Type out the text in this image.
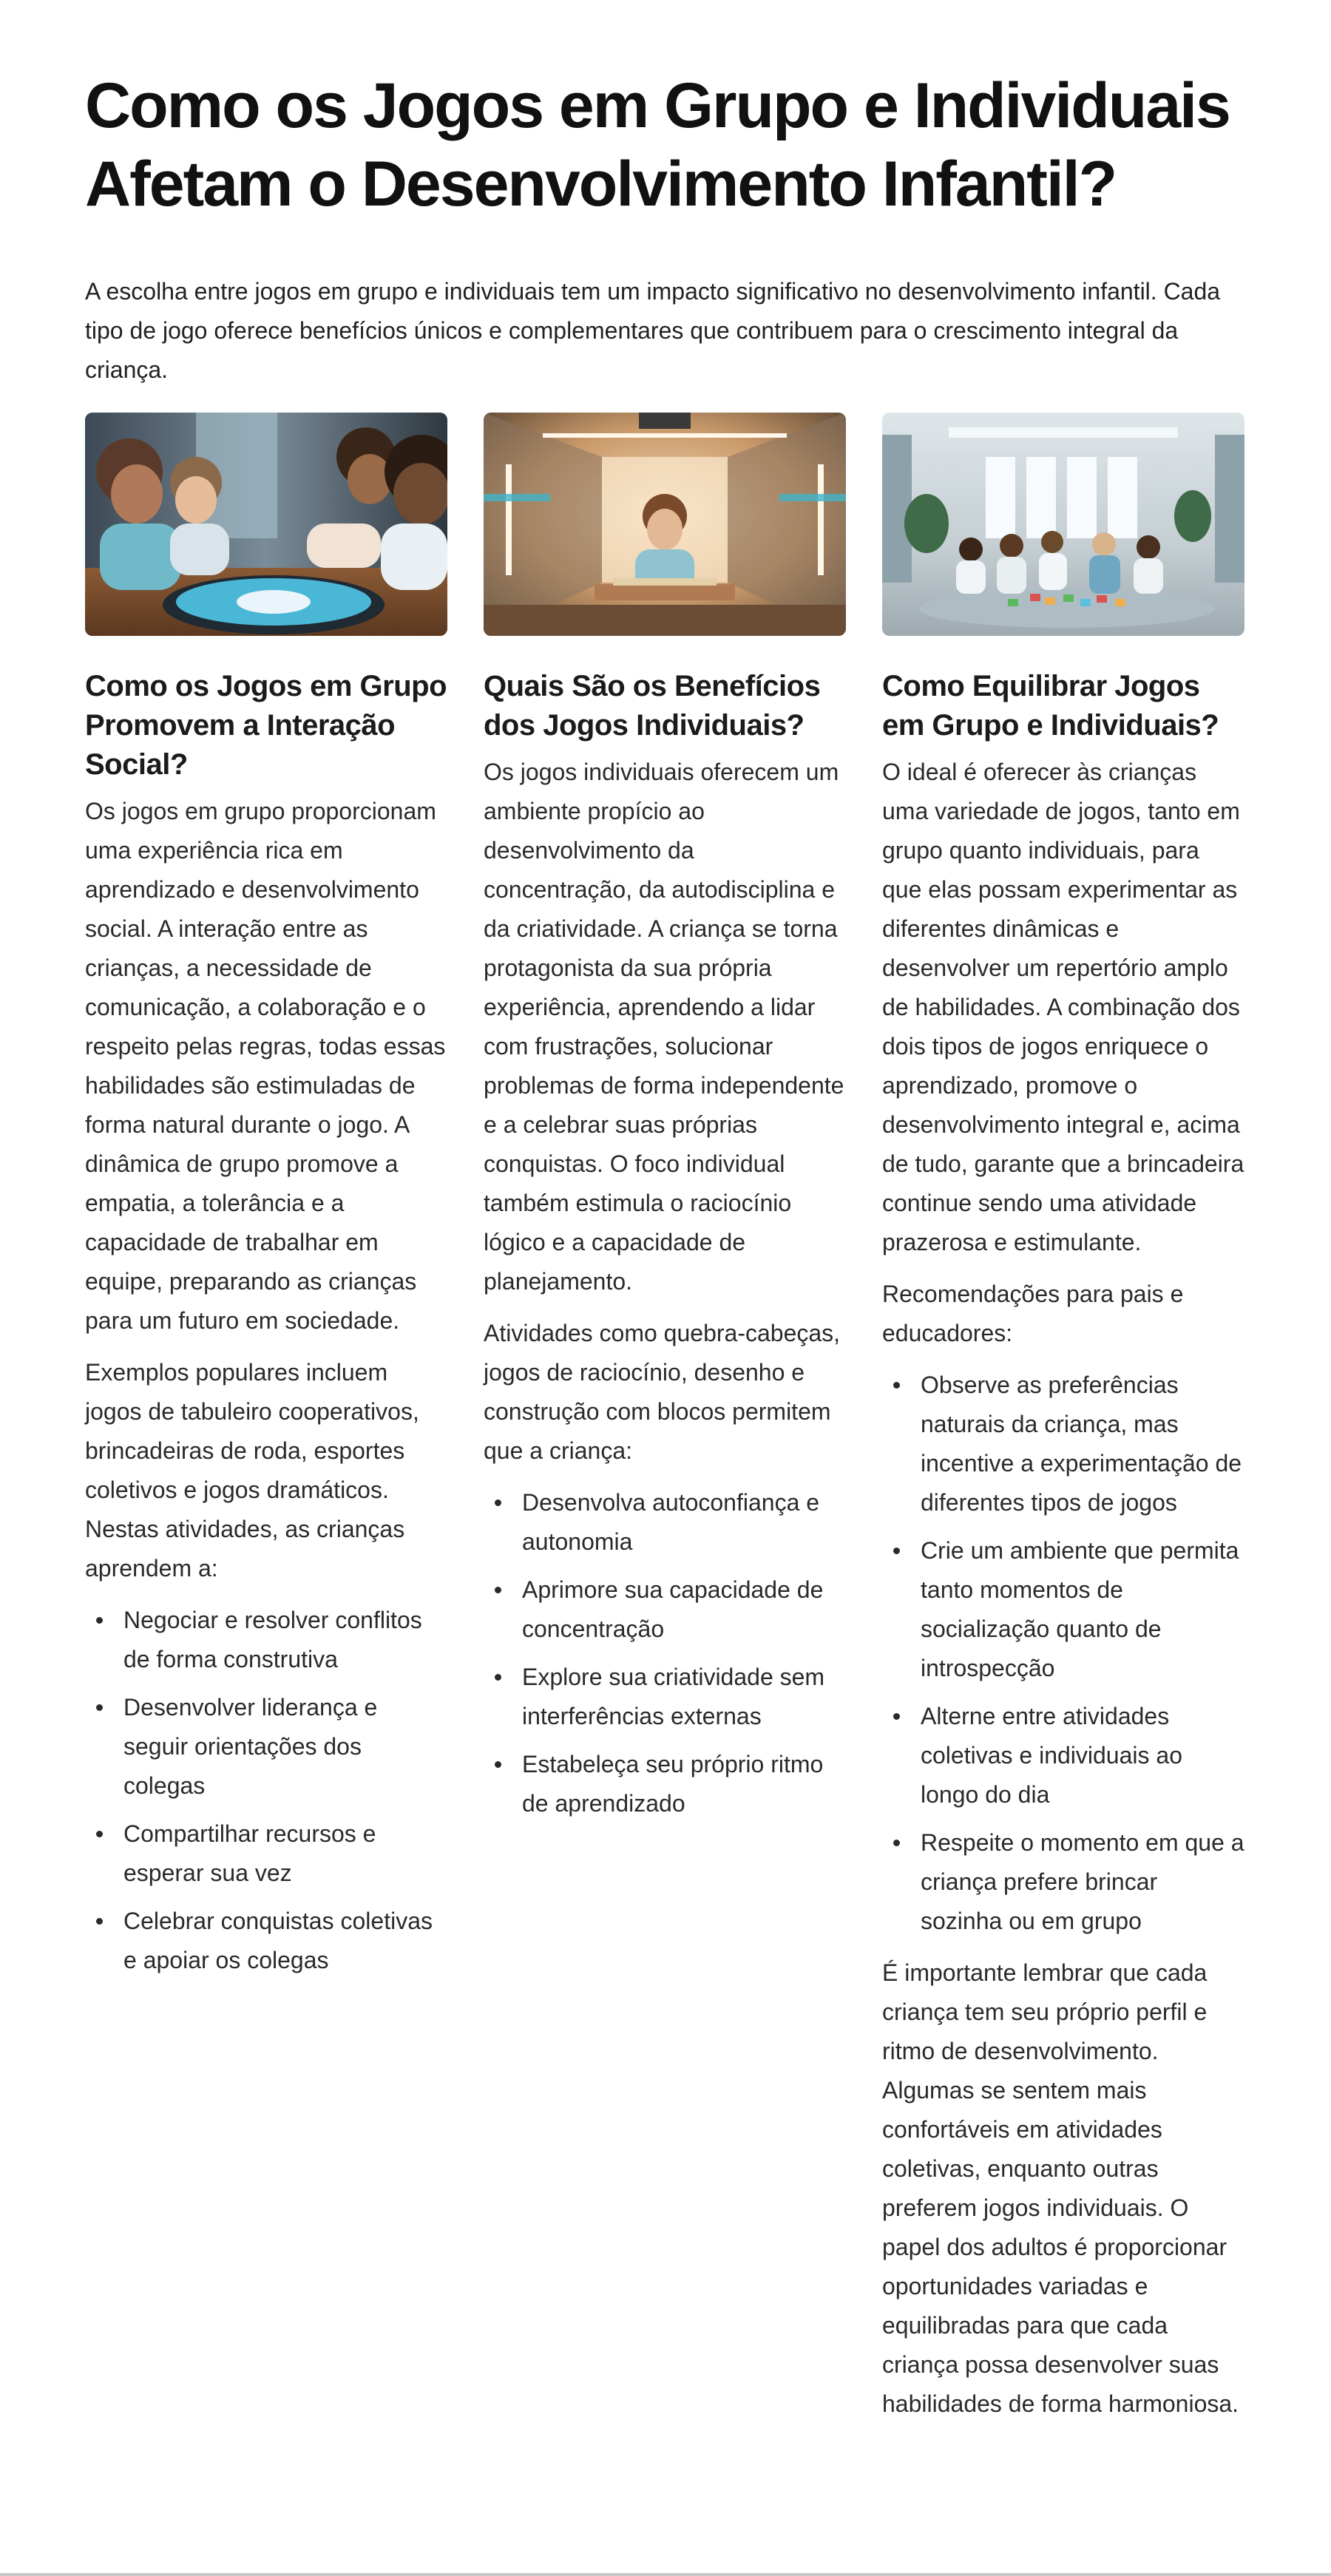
Como os Jogos em Grupo e Individuais Afetam o Desenvolvimento Infantil?

A escolha entre jogos em grupo e individuais tem um impacto significativo no desenvolvimento infantil. Cada tipo de jogo oferece benefícios únicos e complementares que contribuem para o crescimento integral da criança.

Como os Jogos em Grupo Promovem a Interação Social?

Os jogos em grupo proporcionam uma experiência rica em aprendizado e desenvolvimento social. A interação entre as crianças, a necessidade de comunicação, a colaboração e o respeito pelas regras, todas essas habilidades são estimuladas de forma natural durante o jogo. A dinâmica de grupo promove a empatia, a tolerância e a capacidade de trabalhar em equipe, preparando as crianças para um futuro em sociedade.

Exemplos populares incluem jogos de tabuleiro cooperativos, brincadeiras de roda, esportes coletivos e jogos dramáticos. Nestas atividades, as crianças aprendem a:

Negociar e resolver conflitos de forma construtiva
Desenvolver liderança e seguir orientações dos colegas
Compartilhar recursos e esperar sua vez
Celebrar conquistas coletivas e apoiar os colegas
Quais São os Benefícios dos Jogos Individuais?

Os jogos individuais oferecem um ambiente propício ao desenvolvimento da concentração, da autodisciplina e da criatividade. A criança se torna protagonista da sua própria experiência, aprendendo a lidar com frustrações, solucionar problemas de forma independente e a celebrar suas próprias conquistas. O foco individual também estimula o raciocínio lógico e a capacidade de planejamento.

Atividades como quebra-cabeças, jogos de raciocínio, desenho e construção com blocos permitem que a criança:

Desenvolva autoconfiança e autonomia
Aprimore sua capacidade de concentração
Explore sua criatividade sem interferências externas
Estabeleça seu próprio ritmo de aprendizado
Como Equilibrar Jogos em Grupo e Individuais?

O ideal é oferecer às crianças uma variedade de jogos, tanto em grupo quanto individuais, para que elas possam experimentar as diferentes dinâmicas e desenvolver um repertório amplo de habilidades. A combinação dos dois tipos de jogos enriquece o aprendizado, promove o desenvolvimento integral e, acima de tudo, garante que a brincadeira continue sendo uma atividade prazerosa e estimulante.

Recomendações para pais e educadores:

Observe as preferências naturais da criança, mas incentive a experimentação de diferentes tipos de jogos
Crie um ambiente que permita tanto momentos de socialização quanto de introspecção
Alterne entre atividades coletivas e individuais ao longo do dia
Respeite o momento em que a criança prefere brincar sozinha ou em grupo

É importante lembrar que cada criança tem seu próprio perfil e ritmo de desenvolvimento. Algumas se sentem mais confortáveis em atividades coletivas, enquanto outras preferem jogos individuais. O papel dos adultos é proporcionar oportunidades variadas e equilibradas para que cada criança possa desenvolver suas habilidades de forma harmoniosa.
